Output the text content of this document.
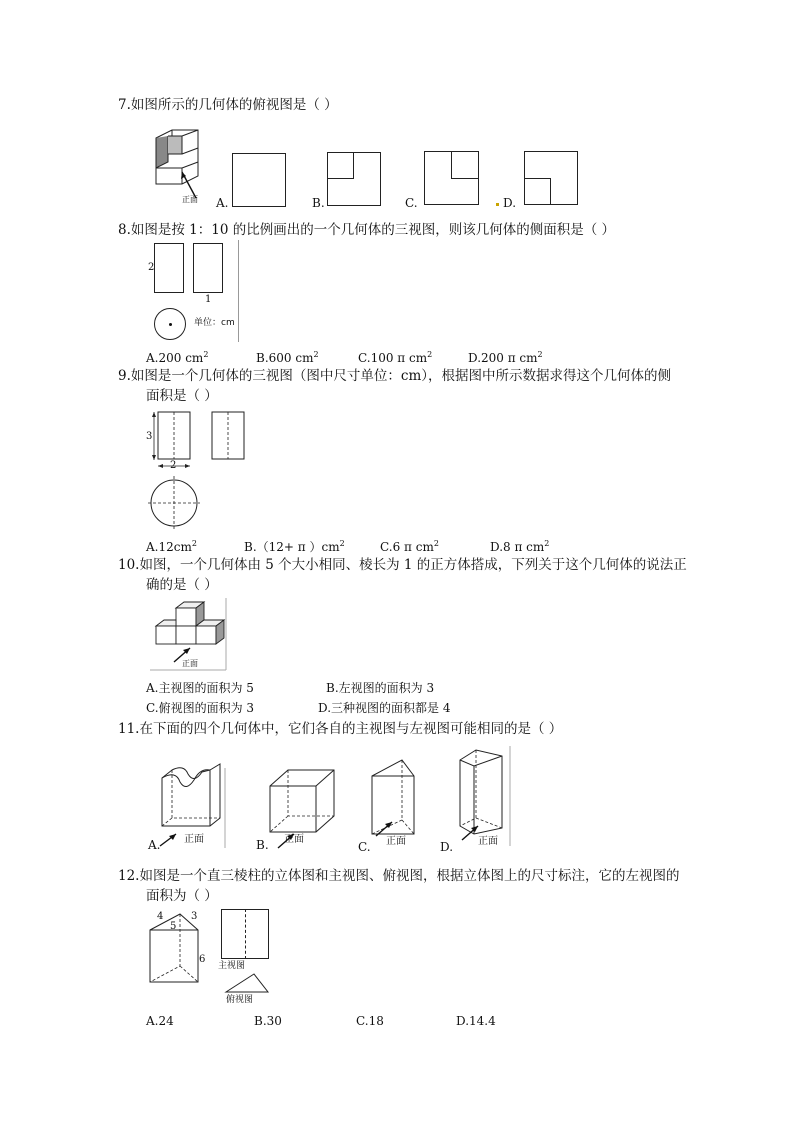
7.如图所示的几何体的俯视图是（ ）
正面 A.	B.	C.	D.
8.如图是按 1：10 的比例画出的一个几何体的三视图，则该几何体的侧面积是（ ）
2
1
单位：cm
A.200 $cm^2$	B.600 $cm^2$	C.100 π $cm^2$	D.200 π $cm^2$
9.如图是一个几何体的三视图（图中尺寸单位：cm），根据图中所示数据求得这个几何体的侧
面积是（ ）
3
2
$A.12cm^2$	B.（12+ π ）$cm^2$	C.6 π $cm^2$	D.8 π $cm^2$
10.如图，一个几何体由 5 个大小相同、棱长为 1 的正方体搭成，下列关于这个几何体的说法正
确的是（ ）
正面
A.主视图的面积为 5	B.左视图的面积为 3
C.俯视图的面积为 3	D.三种视图的面积都是 4
11.在下面的四个几何体中，它们各自的主视图与左视图可能相同的是（ ）
A. 正面	B. 正面
C. 正面	D. 正面
12.如图是一个直三棱柱的立体图和主视图、俯视图，根据立体图上的尺寸标注，它的左视图的
面积为（ ）
4	3
5
6
主视图
俯视图
A.24	B.30	C.18	D.14.4
